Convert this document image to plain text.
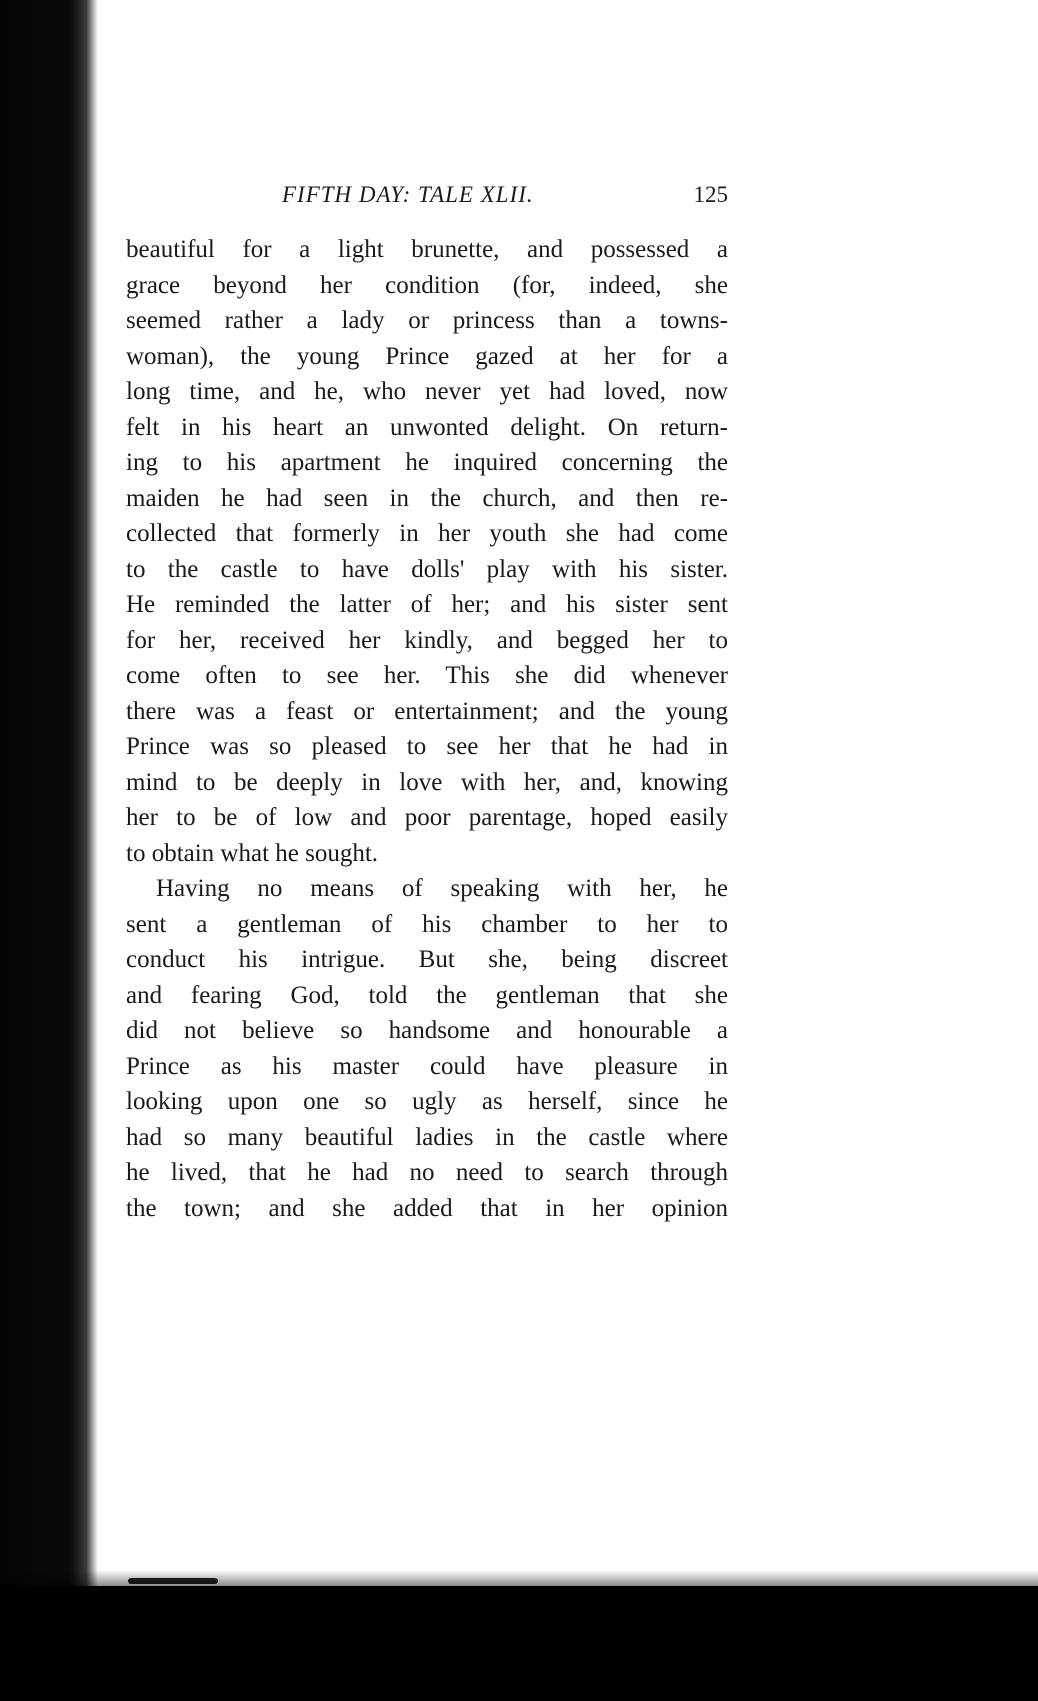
FIFTH DAY: TALE XLII.	125
beautiful for a light brunette, and possessed a
grace beyond her condition (for, indeed, she
seemed rather a lady or princess than a towns-
woman), the young Prince gazed at her for a
long time, and he, who never yet had loved, now
felt in his heart an unwonted delight. On return-
ing to his apartment he inquired concerning the
maiden he had seen in the church, and then re-
collected that formerly in her youth she had come
to the castle to have dolls' play with his sister.
He reminded the latter of her; and his sister sent
for her, received her kindly, and begged her to
come often to see her. This she did whenever
there was a feast or entertainment; and the young
Prince was so pleased to see her that he had in
mind to be deeply in love with her, and, knowing
her to be of low and poor parentage, hoped easily
to obtain what he sought.
Having no means of speaking with her, he
sent a gentleman of his chamber to her to
conduct his intrigue. But she, being discreet
and fearing God, told the gentleman that she
did not believe so handsome and honourable a
Prince as his master could have pleasure in
looking upon one so ugly as herself, since he
had so many beautiful ladies in the castle where
he lived, that he had no need to search through
the town; and she added that in her opinion
